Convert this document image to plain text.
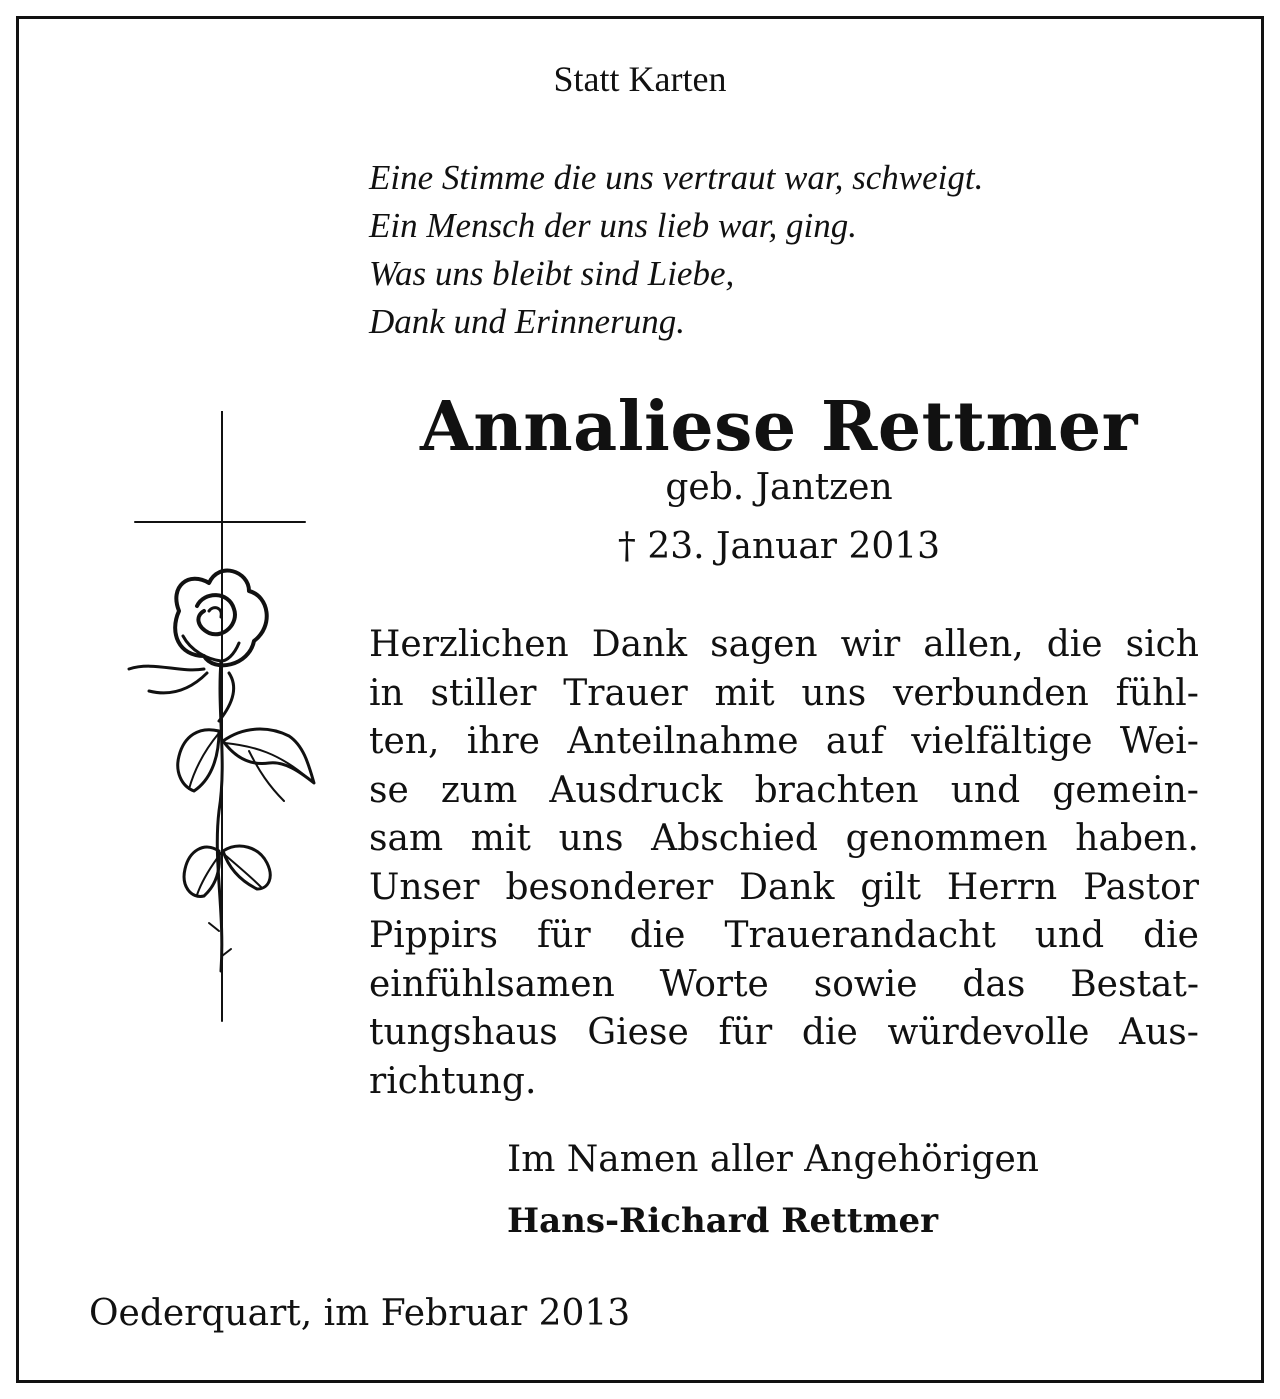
Statt Karten
Eine Stimme die uns vertraut war, schweigt.
Ein Mensch der uns lieb war, ging.
Was uns bleibt sind Liebe,
Dank und Erinnerung.
Annaliese Rettmer
geb. Jantzen
† 23. Januar 2013
Herzlichen Dank sagen wir allen, die sich
in stiller Trauer mit uns verbunden fühl-
ten, ihre Anteilnahme auf vielfältige Wei-
se zum Ausdruck brachten und gemein-
sam mit uns Abschied genommen haben.
Unser besonderer Dank gilt Herrn Pastor
Pippirs für die Trauerandacht und die
einfühlsamen Worte sowie das Bestat-
tungshaus Giese für die würdevolle Aus-
richtung.
Im Namen aller Angehörigen
Hans-Richard Rettmer
Oederquart, im Februar 2013
